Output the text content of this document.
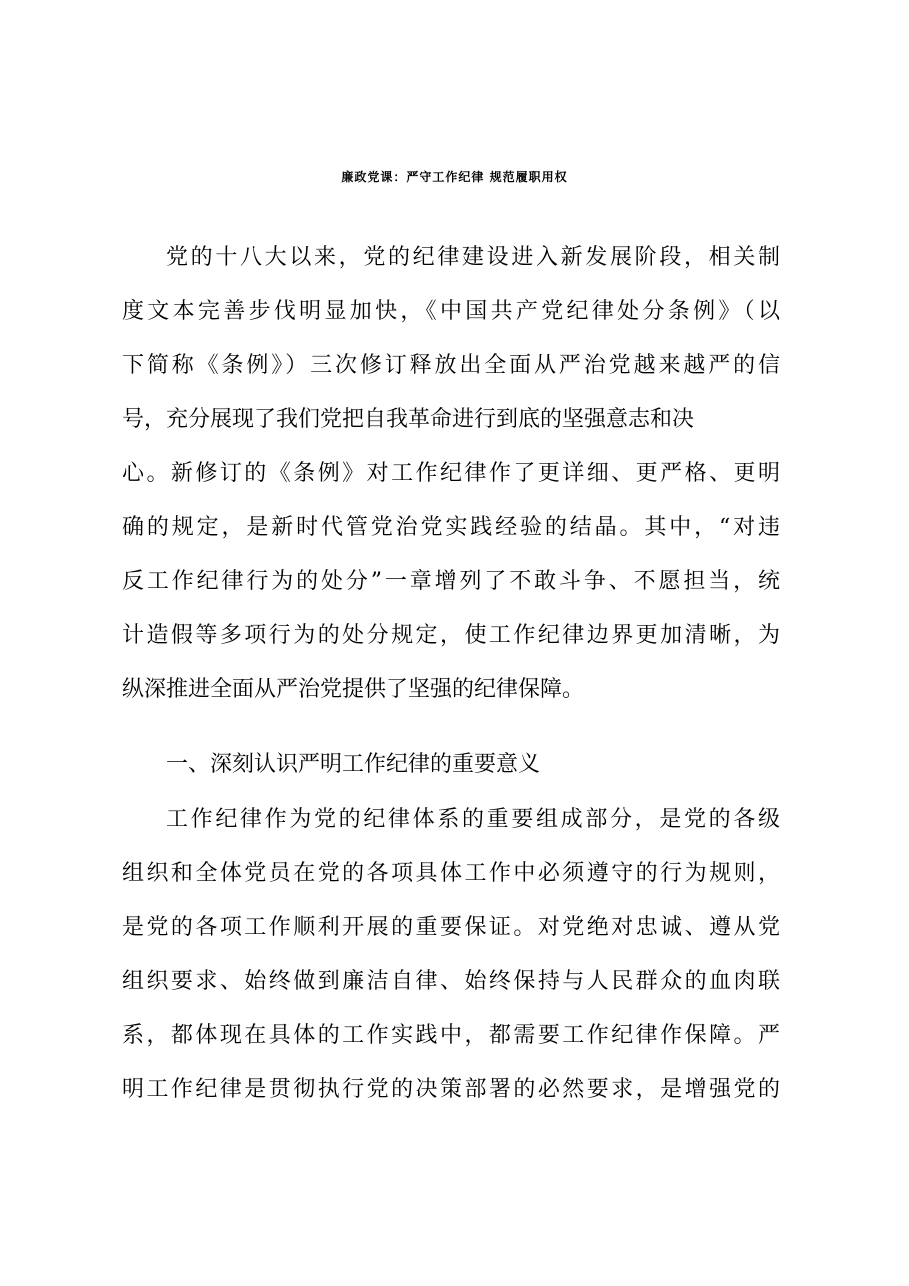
廉政党课：严守工作纪律 规范履职用权
党的十八大以来，党的纪律建设进入新发展阶段，相关制
度文本完善步伐明显加快，《中国共产党纪律处分条例》（以
下简称《条例》）三次修订释放出全面从严治党越来越严的信
号，充分展现了我们党把自我革命进行到底的坚强意志和决
心。新修订的《条例》对工作纪律作了更详细、更严格、更明
确的规定，是新时代管党治党实践经验的结晶。其中，“对违
反工作纪律行为的处分”一章增列了不敢斗争、不愿担当，统
计造假等多项行为的处分规定，使工作纪律边界更加清晰，为
纵深推进全面从严治党提供了坚强的纪律保障。
一、深刻认识严明工作纪律的重要意义
工作纪律作为党的纪律体系的重要组成部分，是党的各级
组织和全体党员在党的各项具体工作中必须遵守的行为规则，
是党的各项工作顺利开展的重要保证。对党绝对忠诚、遵从党
组织要求、始终做到廉洁自律、始终保持与人民群众的血肉联
系，都体现在具体的工作实践中，都需要工作纪律作保障。严
明工作纪律是贯彻执行党的决策部署的必然要求，是增强党的
